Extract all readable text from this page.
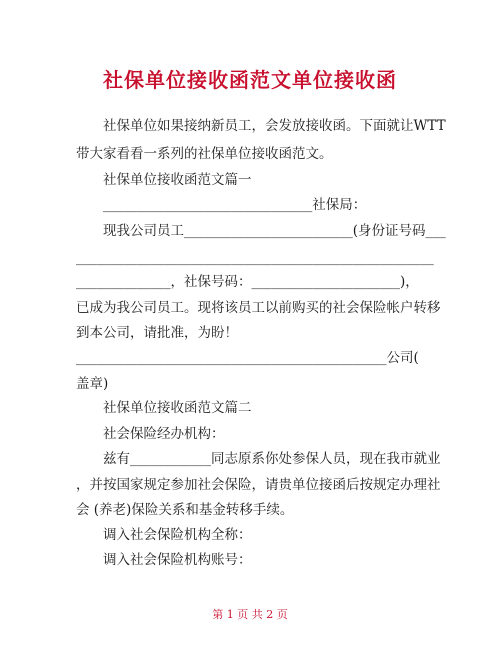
社保单位接收函范文单位接收函
　　社保单位如果接纳新员工，会发放接收函。下面就让WTT
带大家看看一系列的社保单位接收函范文。
　　社保单位接收函范文篇一
　　_______________________________社保局：
　　现我公司员工_________________________(身份证号码___
_____________________________________________________
______________，社保号码：______________________)，
已成为我公司员工。现将该员工以前购买的社会保险帐户转移
到本公司，请批准，为盼！
______________________________________________公司(
盖章)
　　社保单位接收函范文篇二
　　社会保险经办机构：
　　兹有____________同志原系你处参保人员，现在我市就业
，并按国家规定参加社会保险，请贵单位接函后按规定办理社
会 (养老)保险关系和基金转移手续。
　　调入社会保险机构全称：
　　调入社会保险机构账号：
第 1 页 共 2 页
